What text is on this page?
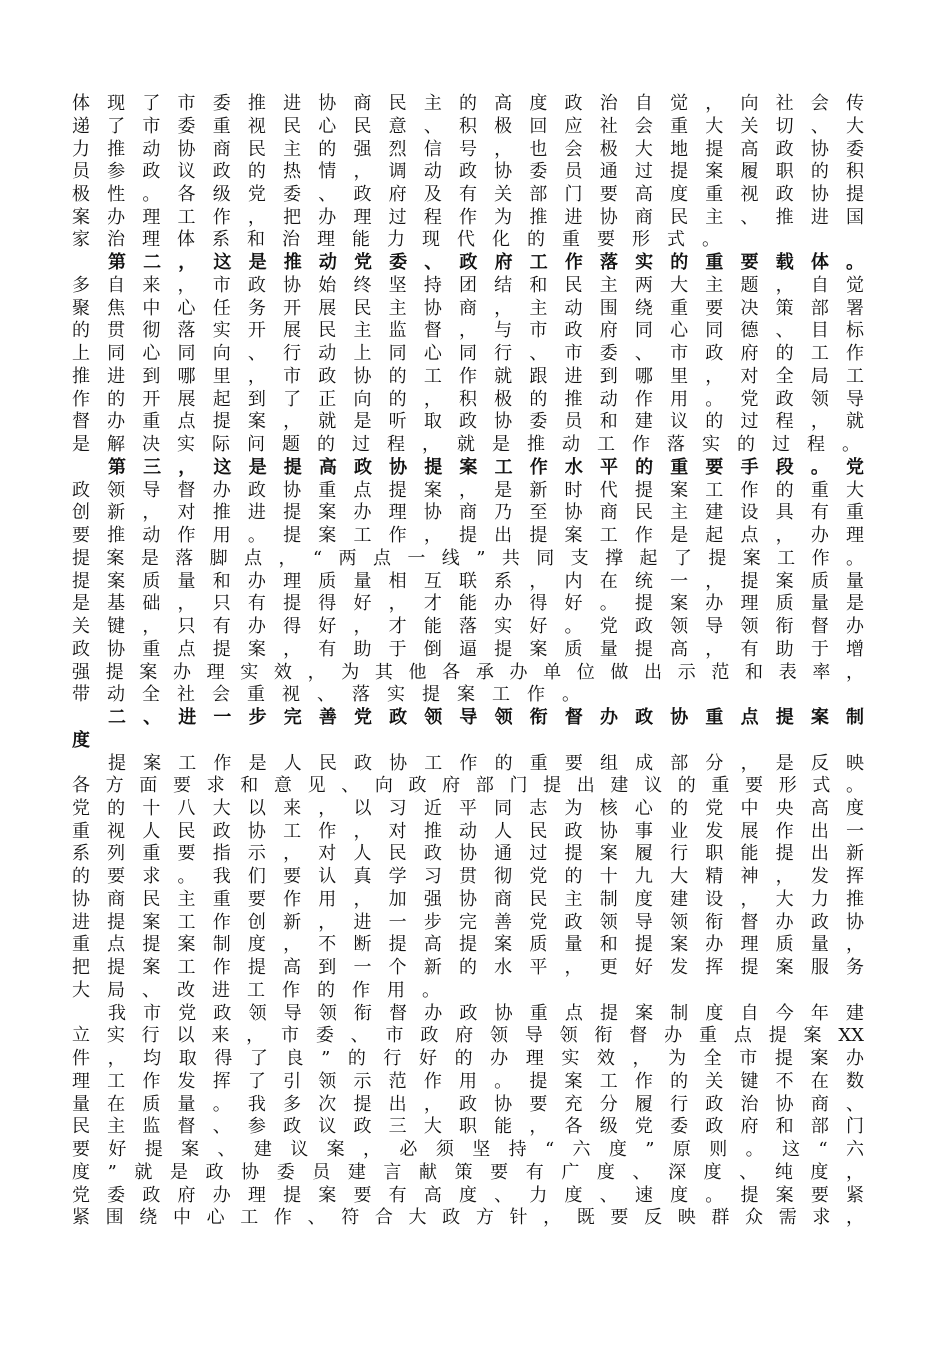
体现了市委推进协商民主的高度政治自觉，向社会传

递了市委重视民心民意、积极回应社会重大关切、大

力推动协商民主的强烈信号，也会极大地提高政协委

员参政议政的热情，调动政协委员通过提案履职的积

极性。各级党委、政府及有关部门要高度重视政协提

案办理工作，把办理过程作为推进协商民主、推进国

家治理体系和治理能力现代化的重要形式。

第二，这是推动党委、政府工作落实的重要载体。

多自来，市政协始终坚持团结和民主两大主题，自觉

聚焦中心任务开展民主协商，主动围绕重要决策部署

的贯彻落实开展民主监督，与市政府同心同德、目标

上同心同向、行动上同心同行、市委、市政府的工作

推进到哪里，市政协的工作就跟进到哪里，对全局工

作的开展起到了正向的，积极的推动作用。党政领导

督办重点提案，就是听取政协委员和建议的过程，就

是解决实际问题的过程，就是推动工作落实的过程。

第三，这是提高政协提案工作水平的重要手段。党

政领导督办政协重点提案，是新时代提案工作的重大

创新，对推进提案办理协商乃至协商民主建设具有重

要推动作用。提案工作，提出提案工作是起点，办理

提案是落脚点，“两点一线”共同支撑起了提案工作。

提案质量和办理质量相互联系，内在统一，提案质量

是基础，只有提得好，才能办得好。提案办理质量是

关键，只有办得好，才能落实好。党政领导领衔督办

政协重点提案，有助于倒逼提案质量提高，有助于增

强提案办理实效，为其他各承办单位做出示范和表率，

带动全社会重视、落实提案工作。

二、进一步完善党政领导领衔督办政协重点提案制

度

提案工作是人民政协工作的重要组成部分，是反映

各方面要求和意见、向政府部门提出建议的重要形式。

党的十八大以来，以习近平同志为核心的党中央高度

重视人民政协工作，对推动人民政协事业发展作出一

系列重要指示，对人民政协通过提案履行职能提出新

的要求。我们要认真学习贯彻党的十九大精神，发挥

协商民主重要作用，加强协商民主制度建设，大力推

进提案工作创新，进一步完善党政领导领衔督办政协

重点提案制度，不断提高提案质量和提案办理质量，

把提案工作提高到一个新的水平，更好发挥提案服务

大局、改进工作的作用。

我市党政领导领衔督办政协重点提案制度自今年建

立实行以来，市委、市政府领导领衔督办重点提案XX

件，均取得了良”的行好的办理实效，为全市提案办

理工作发挥了引领示范作用。提案工作的关键不在数

量在质量。我多次提出，政协要充分履行政治协商、

民主监督、参政议政三大职能，各级党委政府和部门

要好提案、建议案，必须坚持“六度”原则。这“六

度”就是政协委员建言献策要有广度、深度、纯度，

党委政府办理提案要有高度、力度、速度。提案要紧

紧围绕中心工作、符合大政方针，既要反映群众需求，
